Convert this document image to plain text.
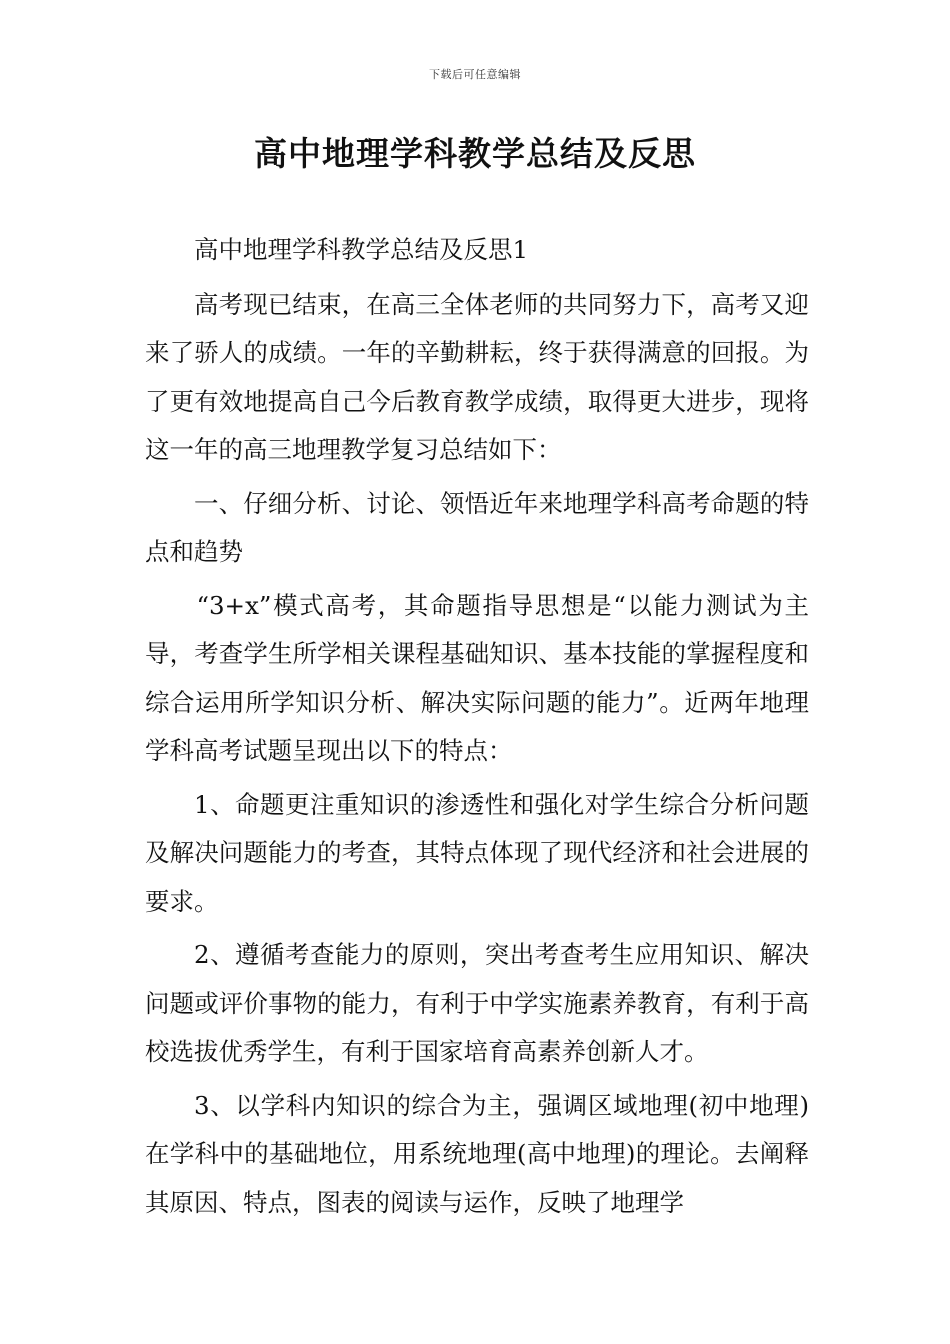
下载后可任意编辑
高中地理学科教学总结及反思

高中地理学科教学总结及反思1

高考现已结束，在高三全体老师的共同努力下，高考又迎来了骄人的成绩。一年的辛勤耕耘，终于获得满意的回报。为了更有效地提高自己今后教育教学成绩，取得更大进步，现将这一年的高三地理教学复习总结如下：

一、仔细分析、讨论、领悟近年来地理学科高考命题的特点和趋势

“3+x”模式高考，其命题指导思想是“以能力测试为主导，考查学生所学相关课程基础知识、基本技能的掌握程度和综合运用所学知识分析、解决实际问题的能力”。近两年地理学科高考试题呈现出以下的特点：

1、命题更注重知识的渗透性和强化对学生综合分析问题及解决问题能力的考查，其特点体现了现代经济和社会进展的要求。

2、遵循考查能力的原则，突出考查考生应用知识、解决问题或评价事物的能力，有利于中学实施素养教育，有利于高校选拔优秀学生，有利于国家培育高素养创新人才。

3、以学科内知识的综合为主，强调区域地理(初中地理)在学科中的基础地位，用系统地理(高中地理)的理论。去阐释其原因、特点，图表的阅读与运作，反映了地理学
